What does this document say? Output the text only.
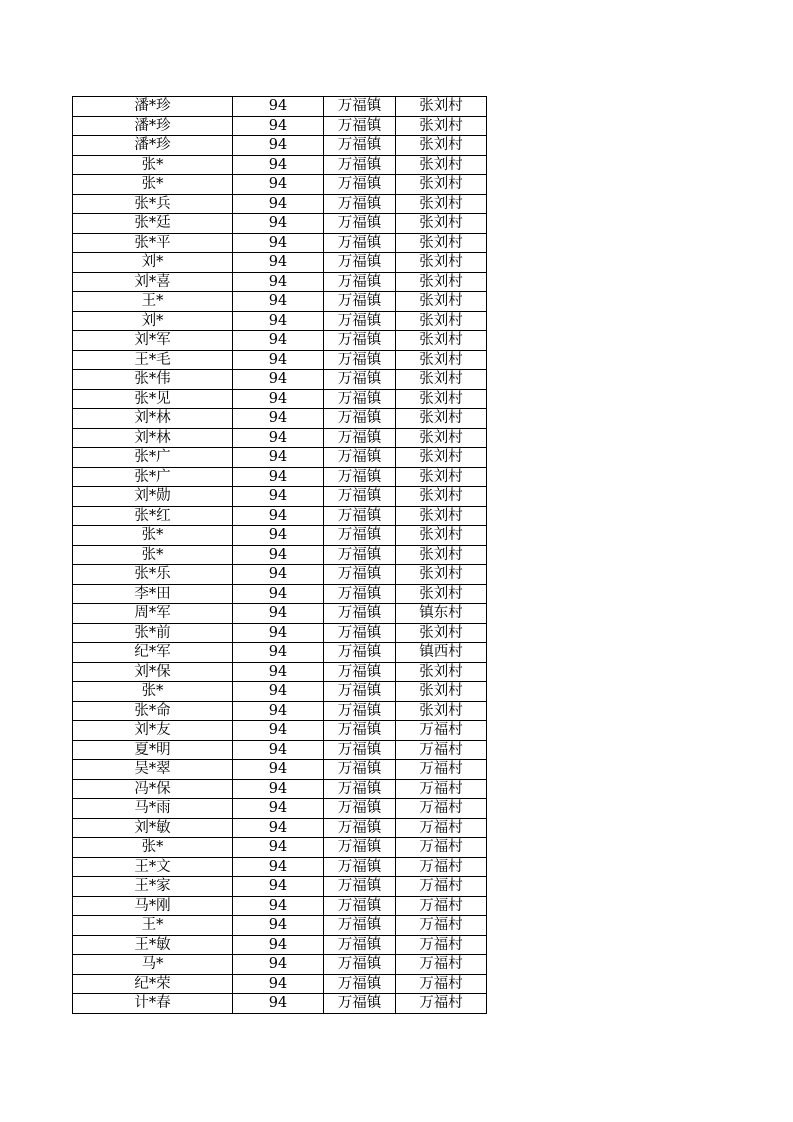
潘*珍	94	万福镇	张刘村
潘*珍	94	万福镇	张刘村
潘*珍	94	万福镇	张刘村
张*	94	万福镇	张刘村
张*	94	万福镇	张刘村
张*兵	94	万福镇	张刘村
张*廷	94	万福镇	张刘村
张*平	94	万福镇	张刘村
刘*	94	万福镇	张刘村
刘*喜	94	万福镇	张刘村
王*	94	万福镇	张刘村
刘*	94	万福镇	张刘村
刘*军	94	万福镇	张刘村
王*毛	94	万福镇	张刘村
张*伟	94	万福镇	张刘村
张*见	94	万福镇	张刘村
刘*林	94	万福镇	张刘村
刘*林	94	万福镇	张刘村
张*广	94	万福镇	张刘村
张*广	94	万福镇	张刘村
刘*勋	94	万福镇	张刘村
张*红	94	万福镇	张刘村
张*	94	万福镇	张刘村
张*	94	万福镇	张刘村
张*乐	94	万福镇	张刘村
李*田	94	万福镇	张刘村
周*军	94	万福镇	镇东村
张*前	94	万福镇	张刘村
纪*军	94	万福镇	镇西村
刘*保	94	万福镇	张刘村
张*	94	万福镇	张刘村
张*命	94	万福镇	张刘村
刘*友	94	万福镇	万福村
夏*明	94	万福镇	万福村
吴*翠	94	万福镇	万福村
冯*保	94	万福镇	万福村
马*雨	94	万福镇	万福村
刘*敏	94	万福镇	万福村
张*	94	万福镇	万福村
王*文	94	万福镇	万福村
王*家	94	万福镇	万福村
马*刚	94	万福镇	万福村
王*	94	万福镇	万福村
王*敏	94	万福镇	万福村
马*	94	万福镇	万福村
纪*荣	94	万福镇	万福村
计*春	94	万福镇	万福村
